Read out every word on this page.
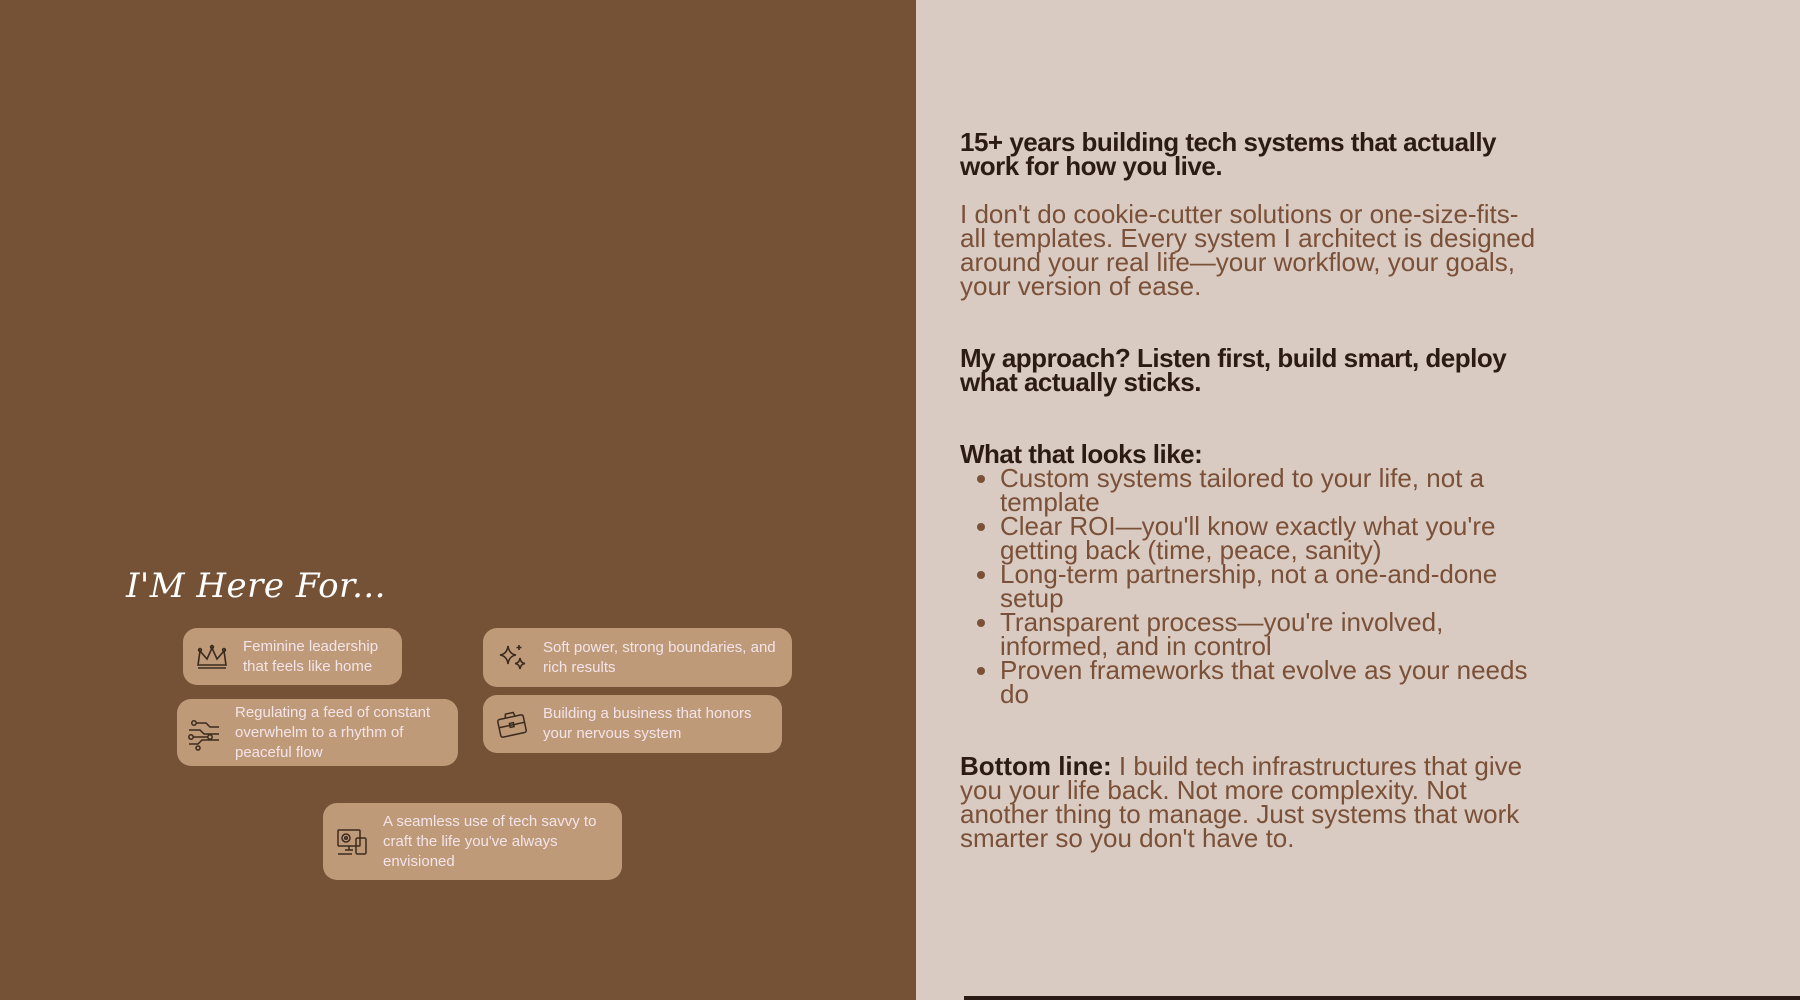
I'M Here For...
Feminine leadership that feels like home
Soft power, strong boundaries, and rich results
Regulating a feed of constant overwhelm to a rhythm of peaceful flow
Building a business that honors your nervous system
A seamless use of tech savvy to craft the life you've always envisioned

15+ years building tech systems that actually work for how you live.

I don't do cookie-cutter solutions or one-size-fits-all templates. Every system I architect is designed around your real life—your workflow, your goals, your version of ease.

My approach? Listen first, build smart, deploy what actually sticks.

What that looks like:

• Custom systems tailored to your life, not a template
• Clear ROI—you'll know exactly what you're getting back (time, peace, sanity)
• Long-term partnership, not a one-and-done setup
• Transparent process—you're involved, informed, and in control
• Proven frameworks that evolve as your needs do

Bottom line: I build tech infrastructures that give you your life back. Not more complexity. Not another thing to manage. Just systems that work smarter so you don't have to.
